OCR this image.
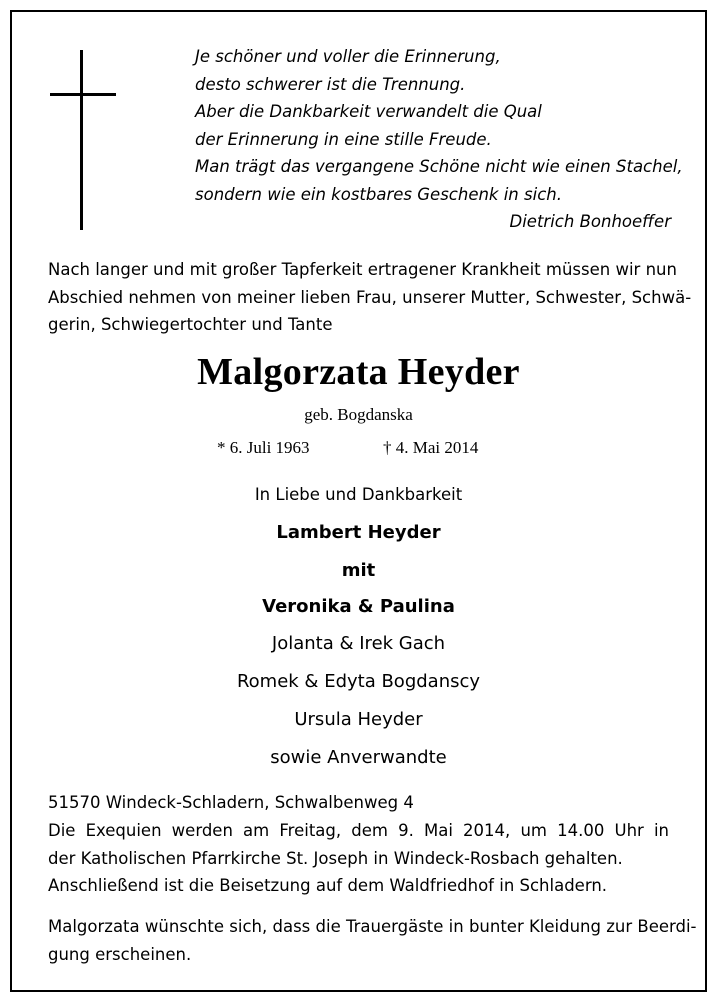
Je schöner und voller die Erinnerung,
desto schwerer ist die Trennung.
Aber die Dankbarkeit verwandelt die Qual
der Erinnerung in eine stille Freude.
Man trägt das vergangene Schöne nicht wie einen Stachel,
sondern wie ein kostbares Geschenk in sich.
Dietrich Bonhoeffer
Nach langer und mit großer Tapferkeit ertragener Krankheit müssen wir nun
Abschied nehmen von meiner lieben Frau, unserer Mutter, Schwester, Schwä-
gerin, Schwiegertochter und Tante
Malgorzata Heyder
geb. Bogdanska
* 6. Juli 1963	† 4. Mai 2014
In Liebe und Dankbarkeit
Lambert Heyder
mit
Veronika & Paulina
Jolanta & Irek Gach
Romek & Edyta Bogdanscy
Ursula Heyder
sowie Anverwandte
51570 Windeck-Schladern, Schwalbenweg 4
Die Exequien werden am Freitag, dem 9. Mai 2014, um 14.00 Uhr in
der Katholischen Pfarrkirche St. Joseph in Windeck-Rosbach gehalten.
Anschließend ist die Beisetzung auf dem Waldfriedhof in Schladern.
Malgorzata wünschte sich, dass die Trauergäste in bunter Kleidung zur Beerdi-
gung erscheinen.
